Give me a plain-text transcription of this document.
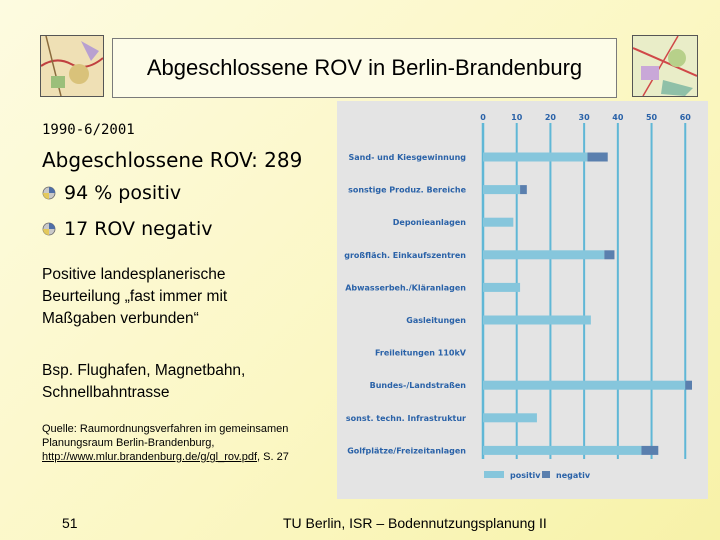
Abgeschlossene ROV in Berlin-Brandenburg
1990-6/2001
Abgeschlossene ROV: 289
94 % positiv
17 ROV negativ
Positive landesplanerische
Beurteilung „fast immer mit
Maßgaben verbunden“
Bsp. Flughafen, Magnetbahn,
Schnellbahntrasse
Quelle: Raumordnungsverfahren im gemeinsamen
Planungsraum Berlin-Brandenburg,
http://www.mlur.brandenburg.de/g/gl_rov.pdf, S. 27
51	TU Berlin, ISR – Bodennutzungsplanung II
0	10	20	30	40	50	60
Sand- und Kiesgewinnung
sonstige Produz. Bereiche
Deponieanlagen
großfläch. Einkaufszentren
Abwasserbeh./Kläranlagen
Gasleitungen
Freileitungen 110kV
Bundes-/Landstraßen
sonst. techn. Infrastruktur
Golfplätze/Freizeitanlagen
positiv negativ
